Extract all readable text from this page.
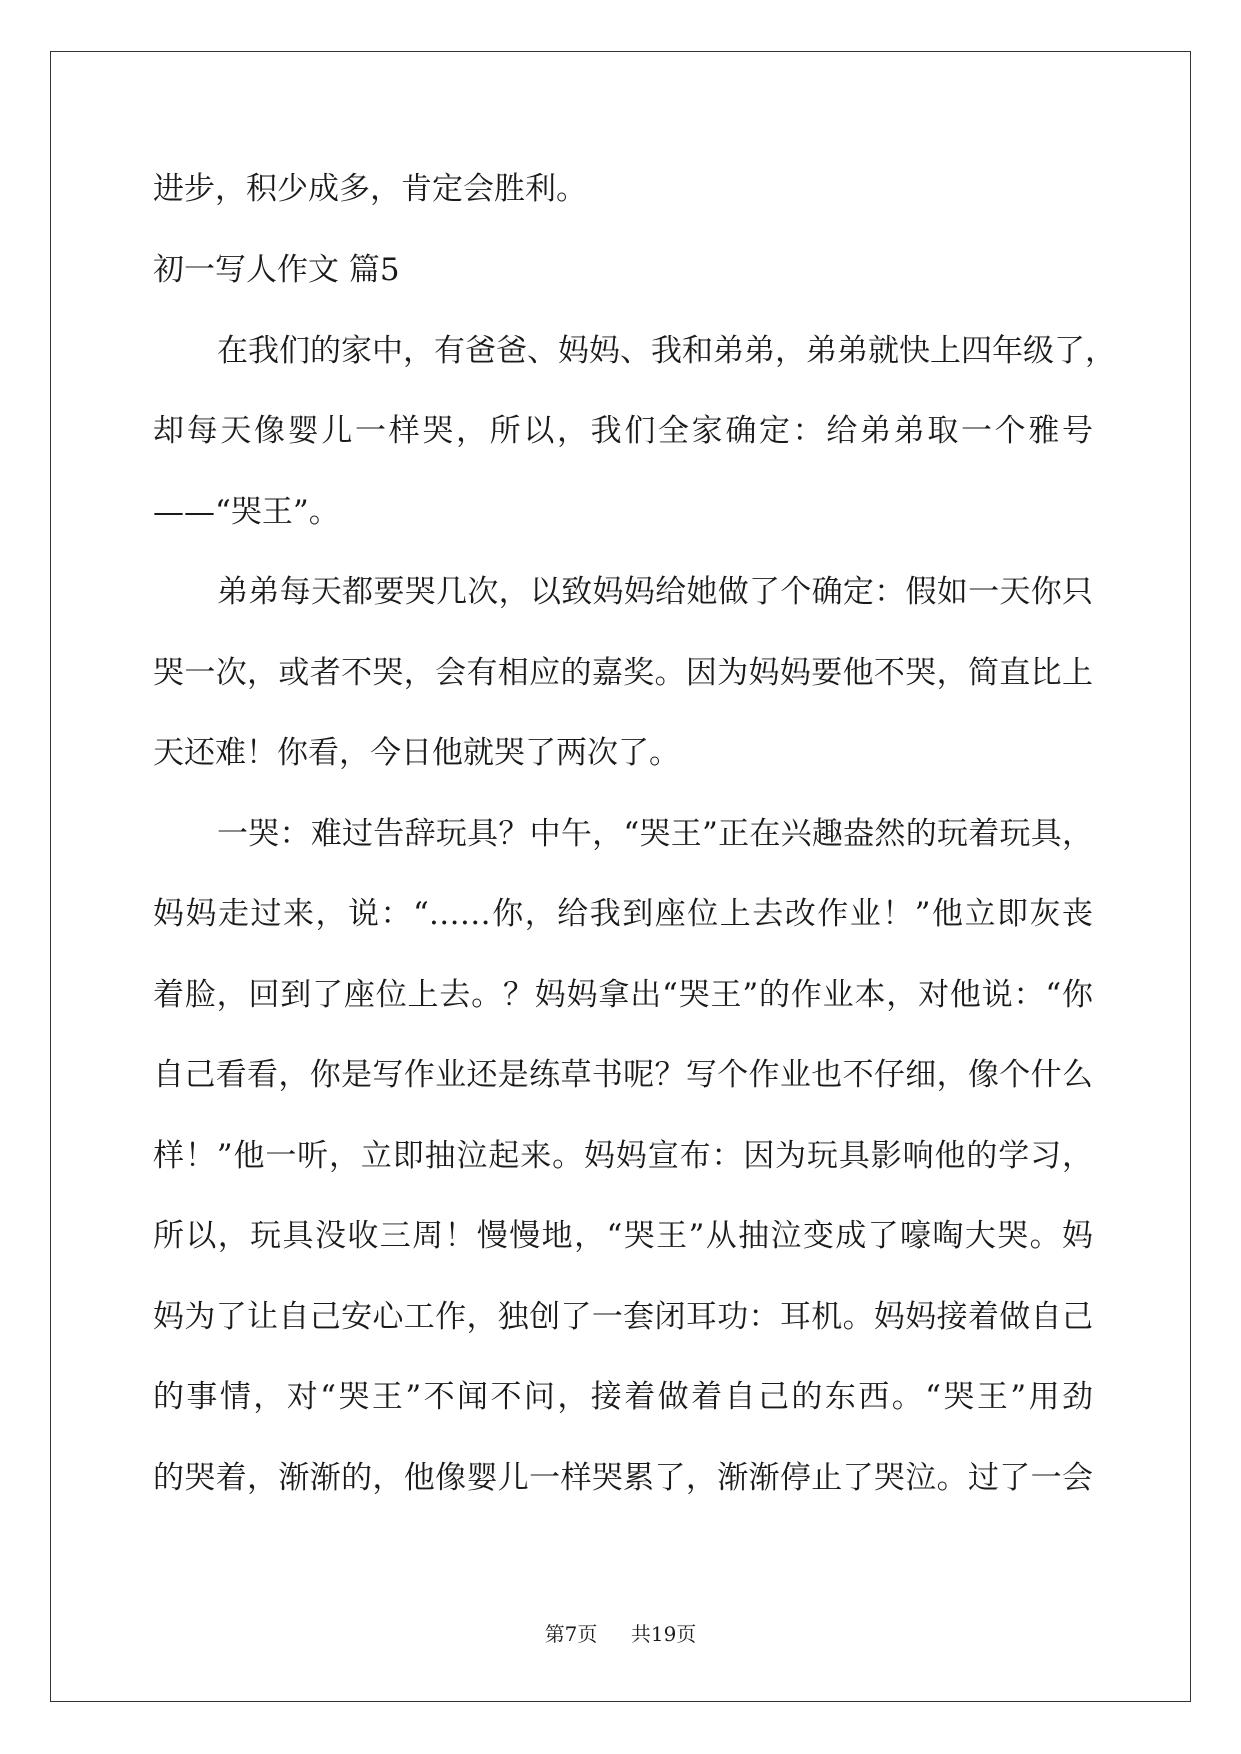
进步，积少成多，肯定会胜利。

初一写人作文 篇5

在我们的家中，有爸爸、妈妈、我和弟弟，弟弟就快上四年级了，

却每天像婴儿一样哭，所以，我们全家确定：给弟弟取一个雅号

——“哭王”。

弟弟每天都要哭几次，以致妈妈给她做了个确定：假如一天你只

哭一次，或者不哭，会有相应的嘉奖。因为妈妈要他不哭，简直比上

天还难！你看，今日他就哭了两次了。

一哭：难过告辞玩具？中午，“哭王”正在兴趣盎然的玩着玩具，

妈妈走过来，说：“……你，给我到座位上去改作业！”他立即灰丧

着脸，回到了座位上去。？妈妈拿出“哭王”的作业本，对他说：“你

自己看看，你是写作业还是练草书呢？写个作业也不仔细，像个什么

样！”他一听，立即抽泣起来。妈妈宣布：因为玩具影响他的学习，

所以，玩具没收三周！慢慢地，“哭王”从抽泣变成了嚎啕大哭。妈

妈为了让自己安心工作，独创了一套闭耳功：耳机。妈妈接着做自己

的事情，对“哭王”不闻不问，接着做着自己的东西。“哭王”用劲

的哭着，渐渐的，他像婴儿一样哭累了，渐渐停止了哭泣。过了一会

第7页 共19页
